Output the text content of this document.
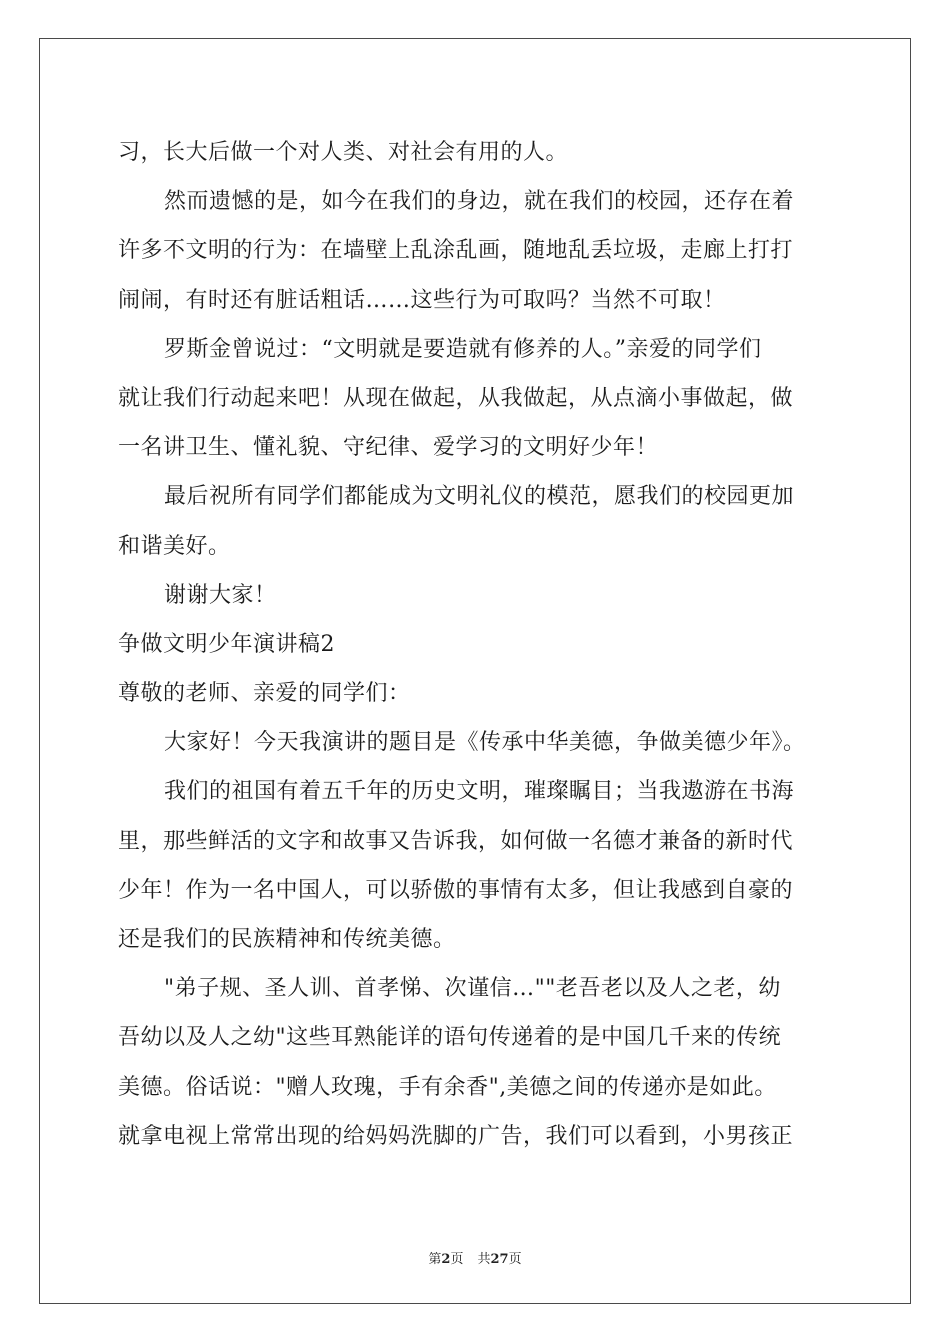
习，长大后做一个对人类、对社会有用的人。
然而遗憾的是，如今在我们的身边，就在我们的校园，还存在着
许多不文明的行为：在墙壁上乱涂乱画，随地乱丢垃圾，走廊上打打
闹闹，有时还有脏话粗话……这些行为可取吗？当然不可取！
罗斯金曾说过：“文明就是要造就有修养的人。”亲爱的同学们
就让我们行动起来吧！从现在做起，从我做起，从点滴小事做起，做
一名讲卫生、懂礼貌、守纪律、爱学习的文明好少年！
最后祝所有同学们都能成为文明礼仪的模范，愿我们的校园更加
和谐美好。
谢谢大家！
争做文明少年演讲稿2
尊敬的老师、亲爱的同学们：
大家好！今天我演讲的题目是《传承中华美德，争做美德少年》。
我们的祖国有着五千年的历史文明，璀璨瞩目；当我遨游在书海
里，那些鲜活的文字和故事又告诉我，如何做一名德才兼备的新时代
少年！作为一名中国人，可以骄傲的事情有太多，但让我感到自豪的
还是我们的民族精神和传统美德。
"弟子规、圣人训、首孝悌、次谨信…""老吾老以及人之老，幼
吾幼以及人之幼"这些耳熟能详的语句传递着的是中国几千来的传统
美德。俗话说："赠人玫瑰，手有余香",美德之间的传递亦是如此。
就拿电视上常常出现的给妈妈洗脚的广告，我们可以看到，小男孩正
第2页 共27页
